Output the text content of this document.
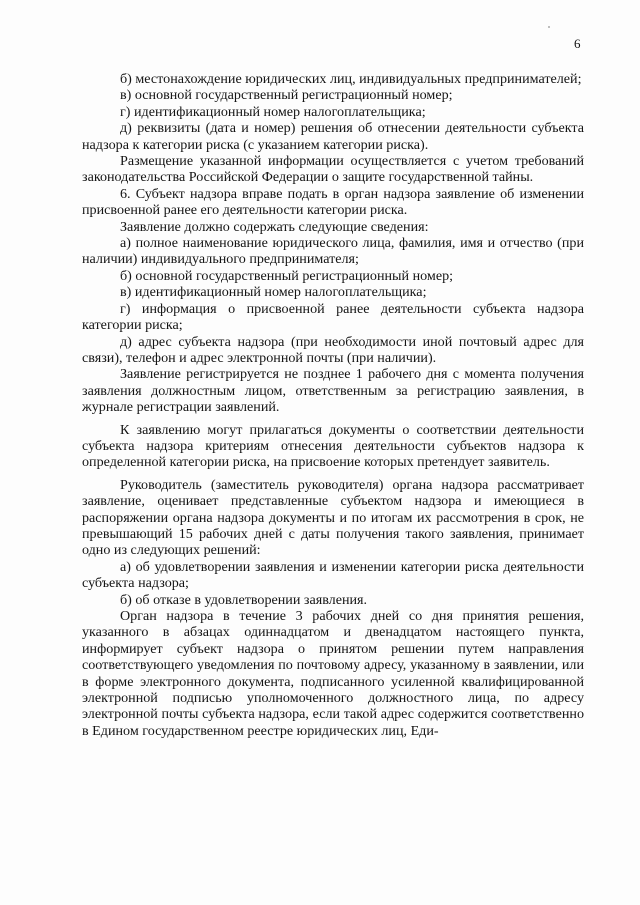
6

б) местонахождение юридических лиц, индивидуальных предпринимателей;

в) основной государственный регистрационный номер;

г) идентификационный номер налогоплательщика;

д) реквизиты (дата и номер) решения об отнесении деятельности субъекта надзора к категории риска (с указанием категории риска).

Размещение указанной информации осуществляется с учетом требований законодательства Российской Федерации о защите государственной тайны.

6. Субъект надзора вправе подать в орган надзора заявление об изменении присвоенной ранее его деятельности категории риска.

Заявление должно содержать следующие сведения:

а) полное наименование юридического лица, фамилия, имя и отчество (при наличии) индивидуального предпринимателя;

б) основной государственный регистрационный номер;

в) идентификационный номер налогоплательщика;

г) информация о присвоенной ранее деятельности субъекта надзора категории риска;

д) адрес субъекта надзора (при необходимости иной почтовый адрес для связи), телефон и адрес электронной почты (при наличии).

Заявление регистрируется не позднее 1 рабочего дня с момента получения заявления должностным лицом, ответственным за регистрацию заявления, в журнале регистрации заявлений.

К заявлению могут прилагаться документы о соответствии деятельности субъекта надзора критериям отнесения деятельности субъектов надзора к определенной категории риска, на присвоение которых претендует заявитель.

Руководитель (заместитель руководителя) органа надзора рассматривает заявление, оценивает представленные субъектом надзора и имеющиеся в распоряжении органа надзора документы и по итогам их рассмотрения в срок, не превышающий 15 рабочих дней с даты получения такого заявления, принимает одно из следующих решений:

а) об удовлетворении заявления и изменении категории риска деятельности субъекта надзора;

б) об отказе в удовлетворении заявления.

Орган надзора в течение 3 рабочих дней со дня принятия решения, указанного в абзацах одиннадцатом и двенадцатом настоящего пункта, информирует субъект надзора о принятом решении путем направления соответствующего уведомления по почтовому адресу, указанному в заявлении, или в форме электронного документа, подписанного усиленной квалифицированной электронной подписью уполномоченного должностного лица, по адресу электронной почты субъекта надзора, если такой адрес содержится соответственно в Едином государственном реестре юридических лиц, Еди-
